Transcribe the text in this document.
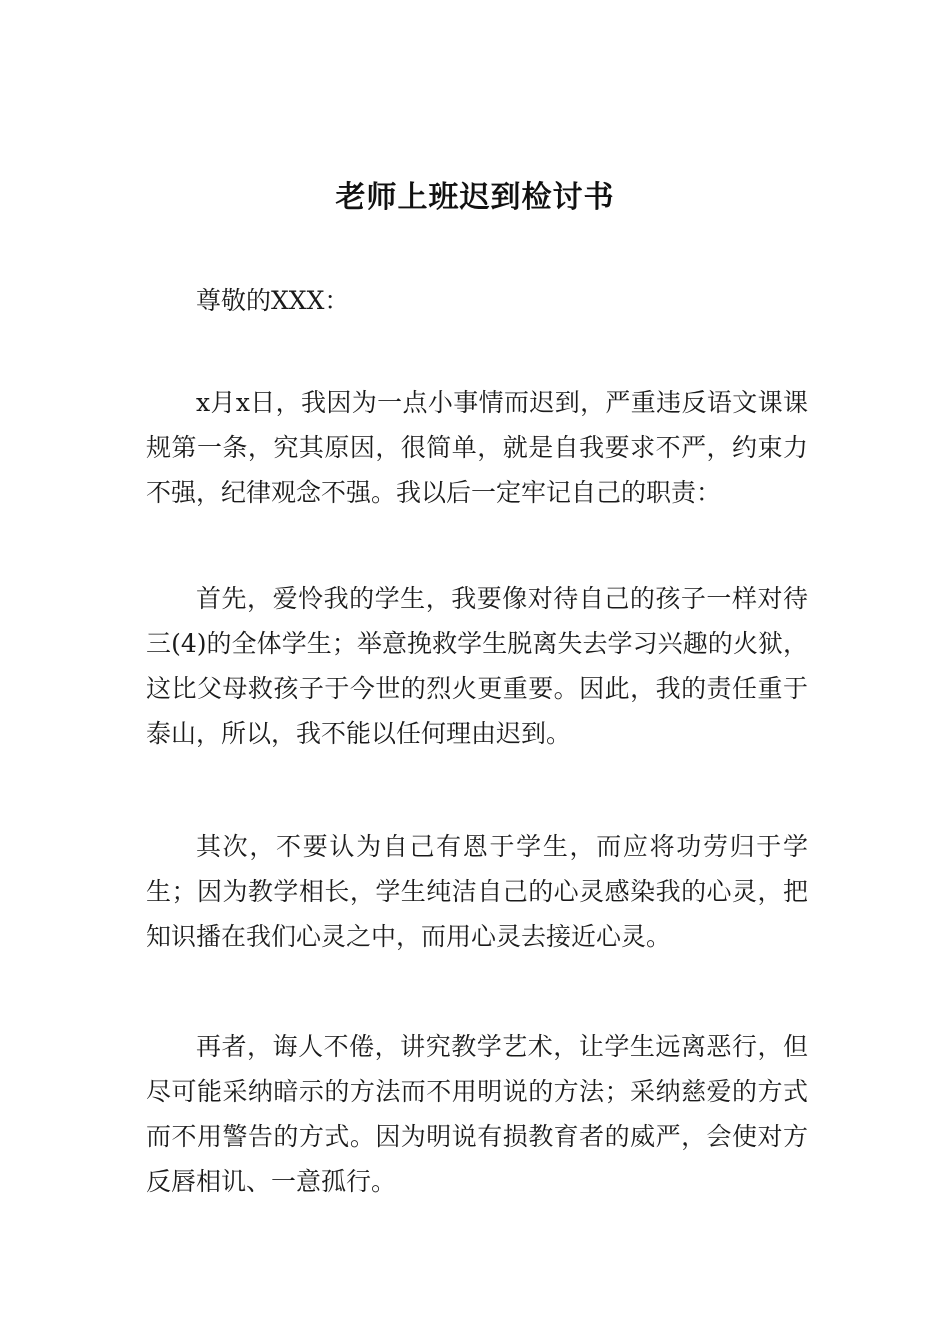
老师上班迟到检讨书

尊敬的XXX：

x月x日，我因为一点小事情而迟到，严重违反语文课课规第一条，究其原因，很简单，就是自我要求不严，约束力不强，纪律观念不强。我以后一定牢记自己的职责：

首先，爱怜我的学生，我要像对待自己的孩子一样对待三(4)的全体学生；举意挽救学生脱离失去学习兴趣的火狱，这比父母救孩子于今世的烈火更重要。因此，我的责任重于泰山，所以，我不能以任何理由迟到。

其次，不要认为自己有恩于学生，而应将功劳归于学生；因为教学相长，学生纯洁自己的心灵感染我的心灵，把知识播在我们心灵之中，而用心灵去接近心灵。

再者，诲人不倦，讲究教学艺术，让学生远离恶行，但尽可能采纳暗示的方法而不用明说的方法；采纳慈爱的方式而不用警告的方式。因为明说有损教育者的威严，会使对方反唇相讥、一意孤行。
